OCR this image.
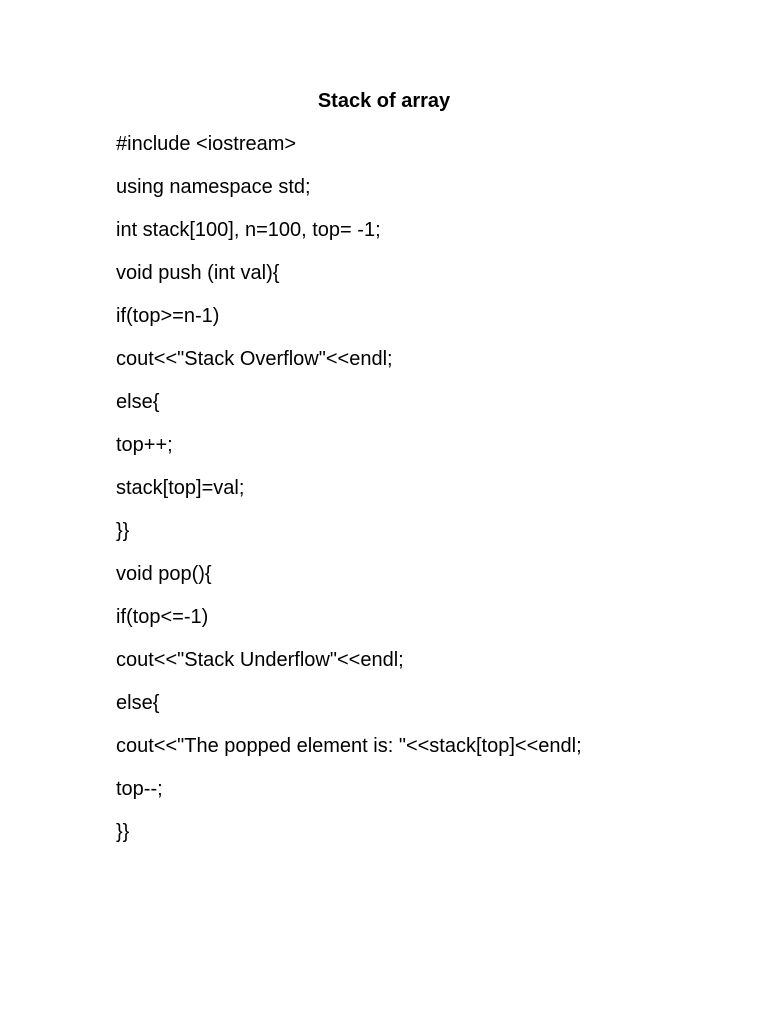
Stack of array
#include <iostream>
using namespace std;
int stack[100], n=100, top= -1;
void push (int val){
if(top>=n-1)
cout<<"Stack Overflow"<<endl;
else{
top++;
stack[top]=val;
}}
void pop(){
if(top<=-1)
cout<<"Stack Underflow"<<endl;
else{
cout<<"The popped element is: "<<stack[top]<<endl;
top--;
}}
